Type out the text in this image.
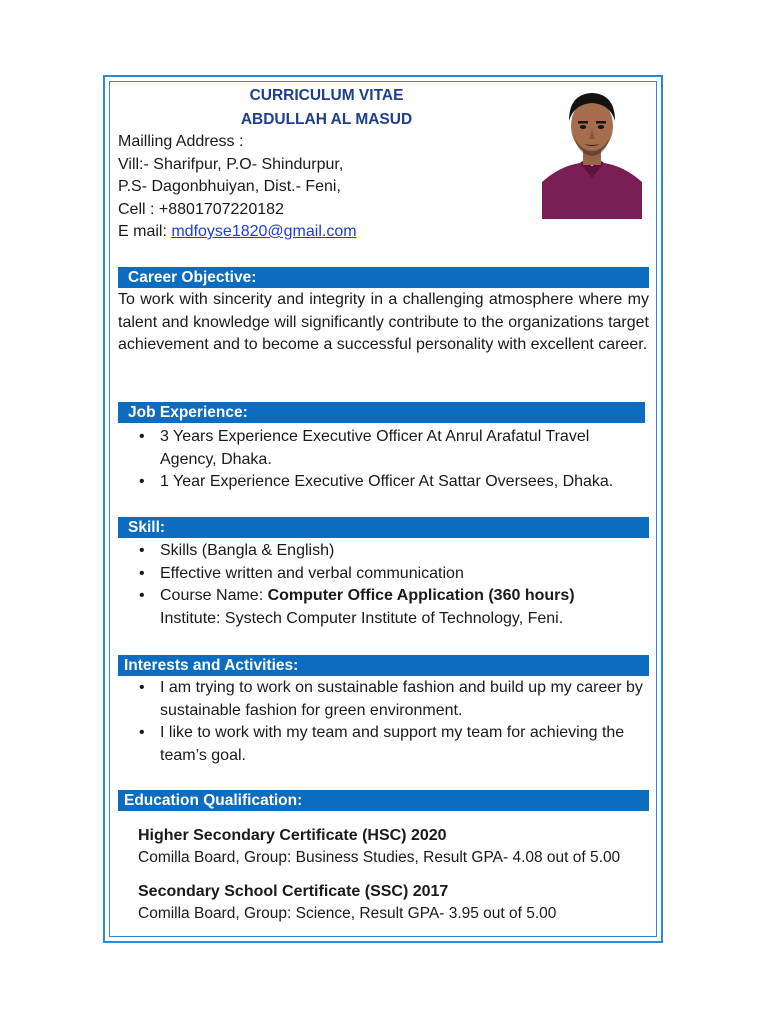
CURRICULUM VITAE
ABDULLAH AL MASUD
Mailling Address :
Vill:- Sharifpur, P.O- Shindurpur,
P.S- Dagonbhuiyan, Dist.- Feni,
Cell : +8801707220182
E mail: mdfoyse1820@gmail.com
Career Objective:
To work with sincerity and integrity in a challenging atmosphere where my talent and knowledge will significantly contribute to the organizations target achievement and to become a successful personality with excellent career.
Job Experience:
• 3 Years Experience Executive Officer At Anrul Arafatul Travel Agency, Dhaka.
• 1 Year Experience Executive Officer At Sattar Oversees, Dhaka.
Skill:
• Skills (Bangla & English)
• Effective written and verbal communication
• Course Name: Computer Office Application (360 hours)
Institute: Systech Computer Institute of Technology, Feni.
Interests and Activities:
• I am trying to work on sustainable fashion and build up my career by sustainable fashion for green environment.
• I like to work with my team and support my team for achieving the team’s goal.
Education Qualification:
Higher Secondary Certificate (HSC) 2020
Comilla Board, Group: Business Studies, Result GPA- 4.08 out of 5.00
Secondary School Certificate (SSC) 2017
Comilla Board, Group: Science, Result GPA- 3.95 out of 5.00
